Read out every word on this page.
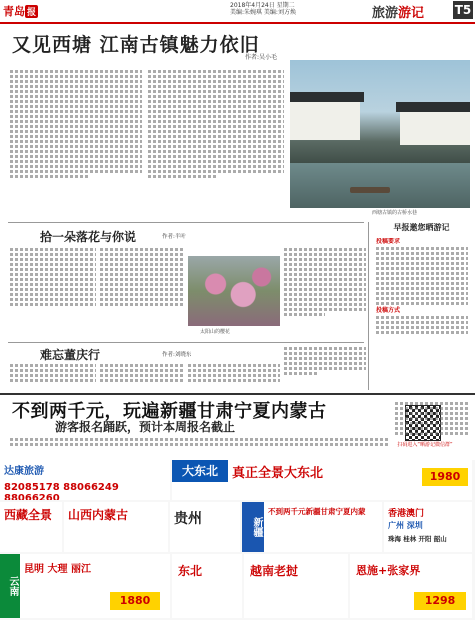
青岛 报
2018年4月24日 星期二
美编:朱婉琪 美编:刘方焕	旅游游记	T5
又见西塘 江南古镇魅力依旧
作者:吴小毛
西塘古镇的古桥水巷
拾一朵落花与你说	作者:半叶
太阳山的樱花
难忘董庆行	作者:刘晓东
早报邀您晒游记
投稿要求
投稿方式
扫码进入“晒游记微信群”
不到两千元，玩遍新疆甘肃宁夏内蒙古
游客报名踊跃，预计本周报名截止
达康旅游
82085178 88066249 88066260
大东北	真正全景大东北	1980
西藏全景 山西内蒙古	贵州	新疆
不到两千元新疆甘肃宁夏内蒙	香港澳门
广州 深圳
珠海 桂林 开阳 韶山
云南
昆明 大理 丽江
1880
东北	越南老挝	恩施+张家界
1298
